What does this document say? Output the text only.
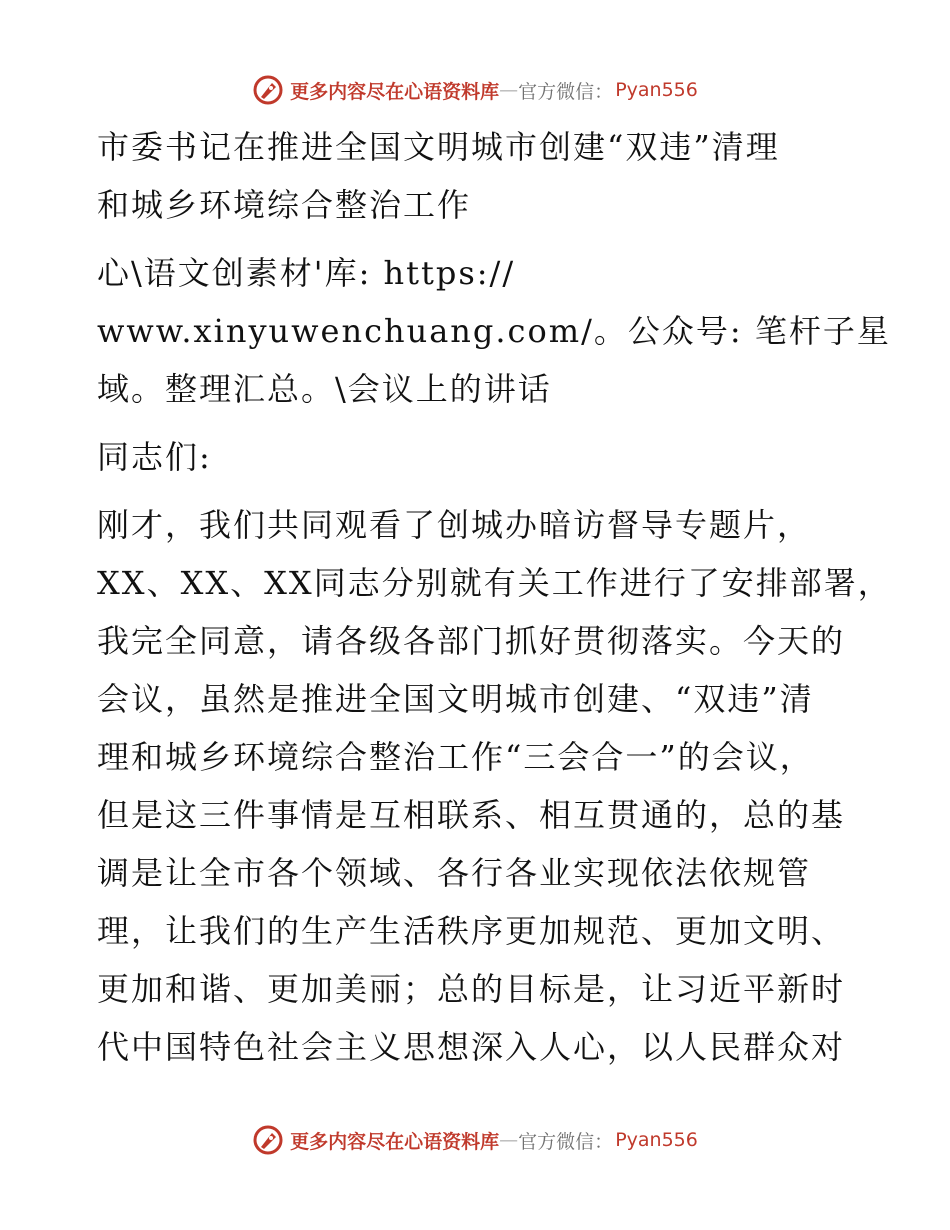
更多内容尽在心语资料库 — 官方微信： Pyan556
市委书记在推进全国文明城市创建“双违”清理
和城乡环境综合整治工作
心\语文创素材'库: https://
www.xinyuwenchuang.com/。公众号: 笔杆子星
域。整理汇总。\会议上的讲话
同志们:
刚才，我们共同观看了创城办暗访督导专题片，
XX、XX、XX同志分别就有关工作进行了安排部署，
我完全同意，请各级各部门抓好贯彻落实。今天的
会议，虽然是推进全国文明城市创建、“双违”清
理和城乡环境综合整治工作“三会合一”的会议，
但是这三件事情是互相联系、相互贯通的，总的基
调是让全市各个领域、各行各业实现依法依规管
理，让我们的生产生活秩序更加规范、更加文明、
更加和谐、更加美丽；总的目标是，让习近平新时
代中国特色社会主义思想深入人心，以人民群众对
更多内容尽在心语资料库 — 官方微信： Pyan556
